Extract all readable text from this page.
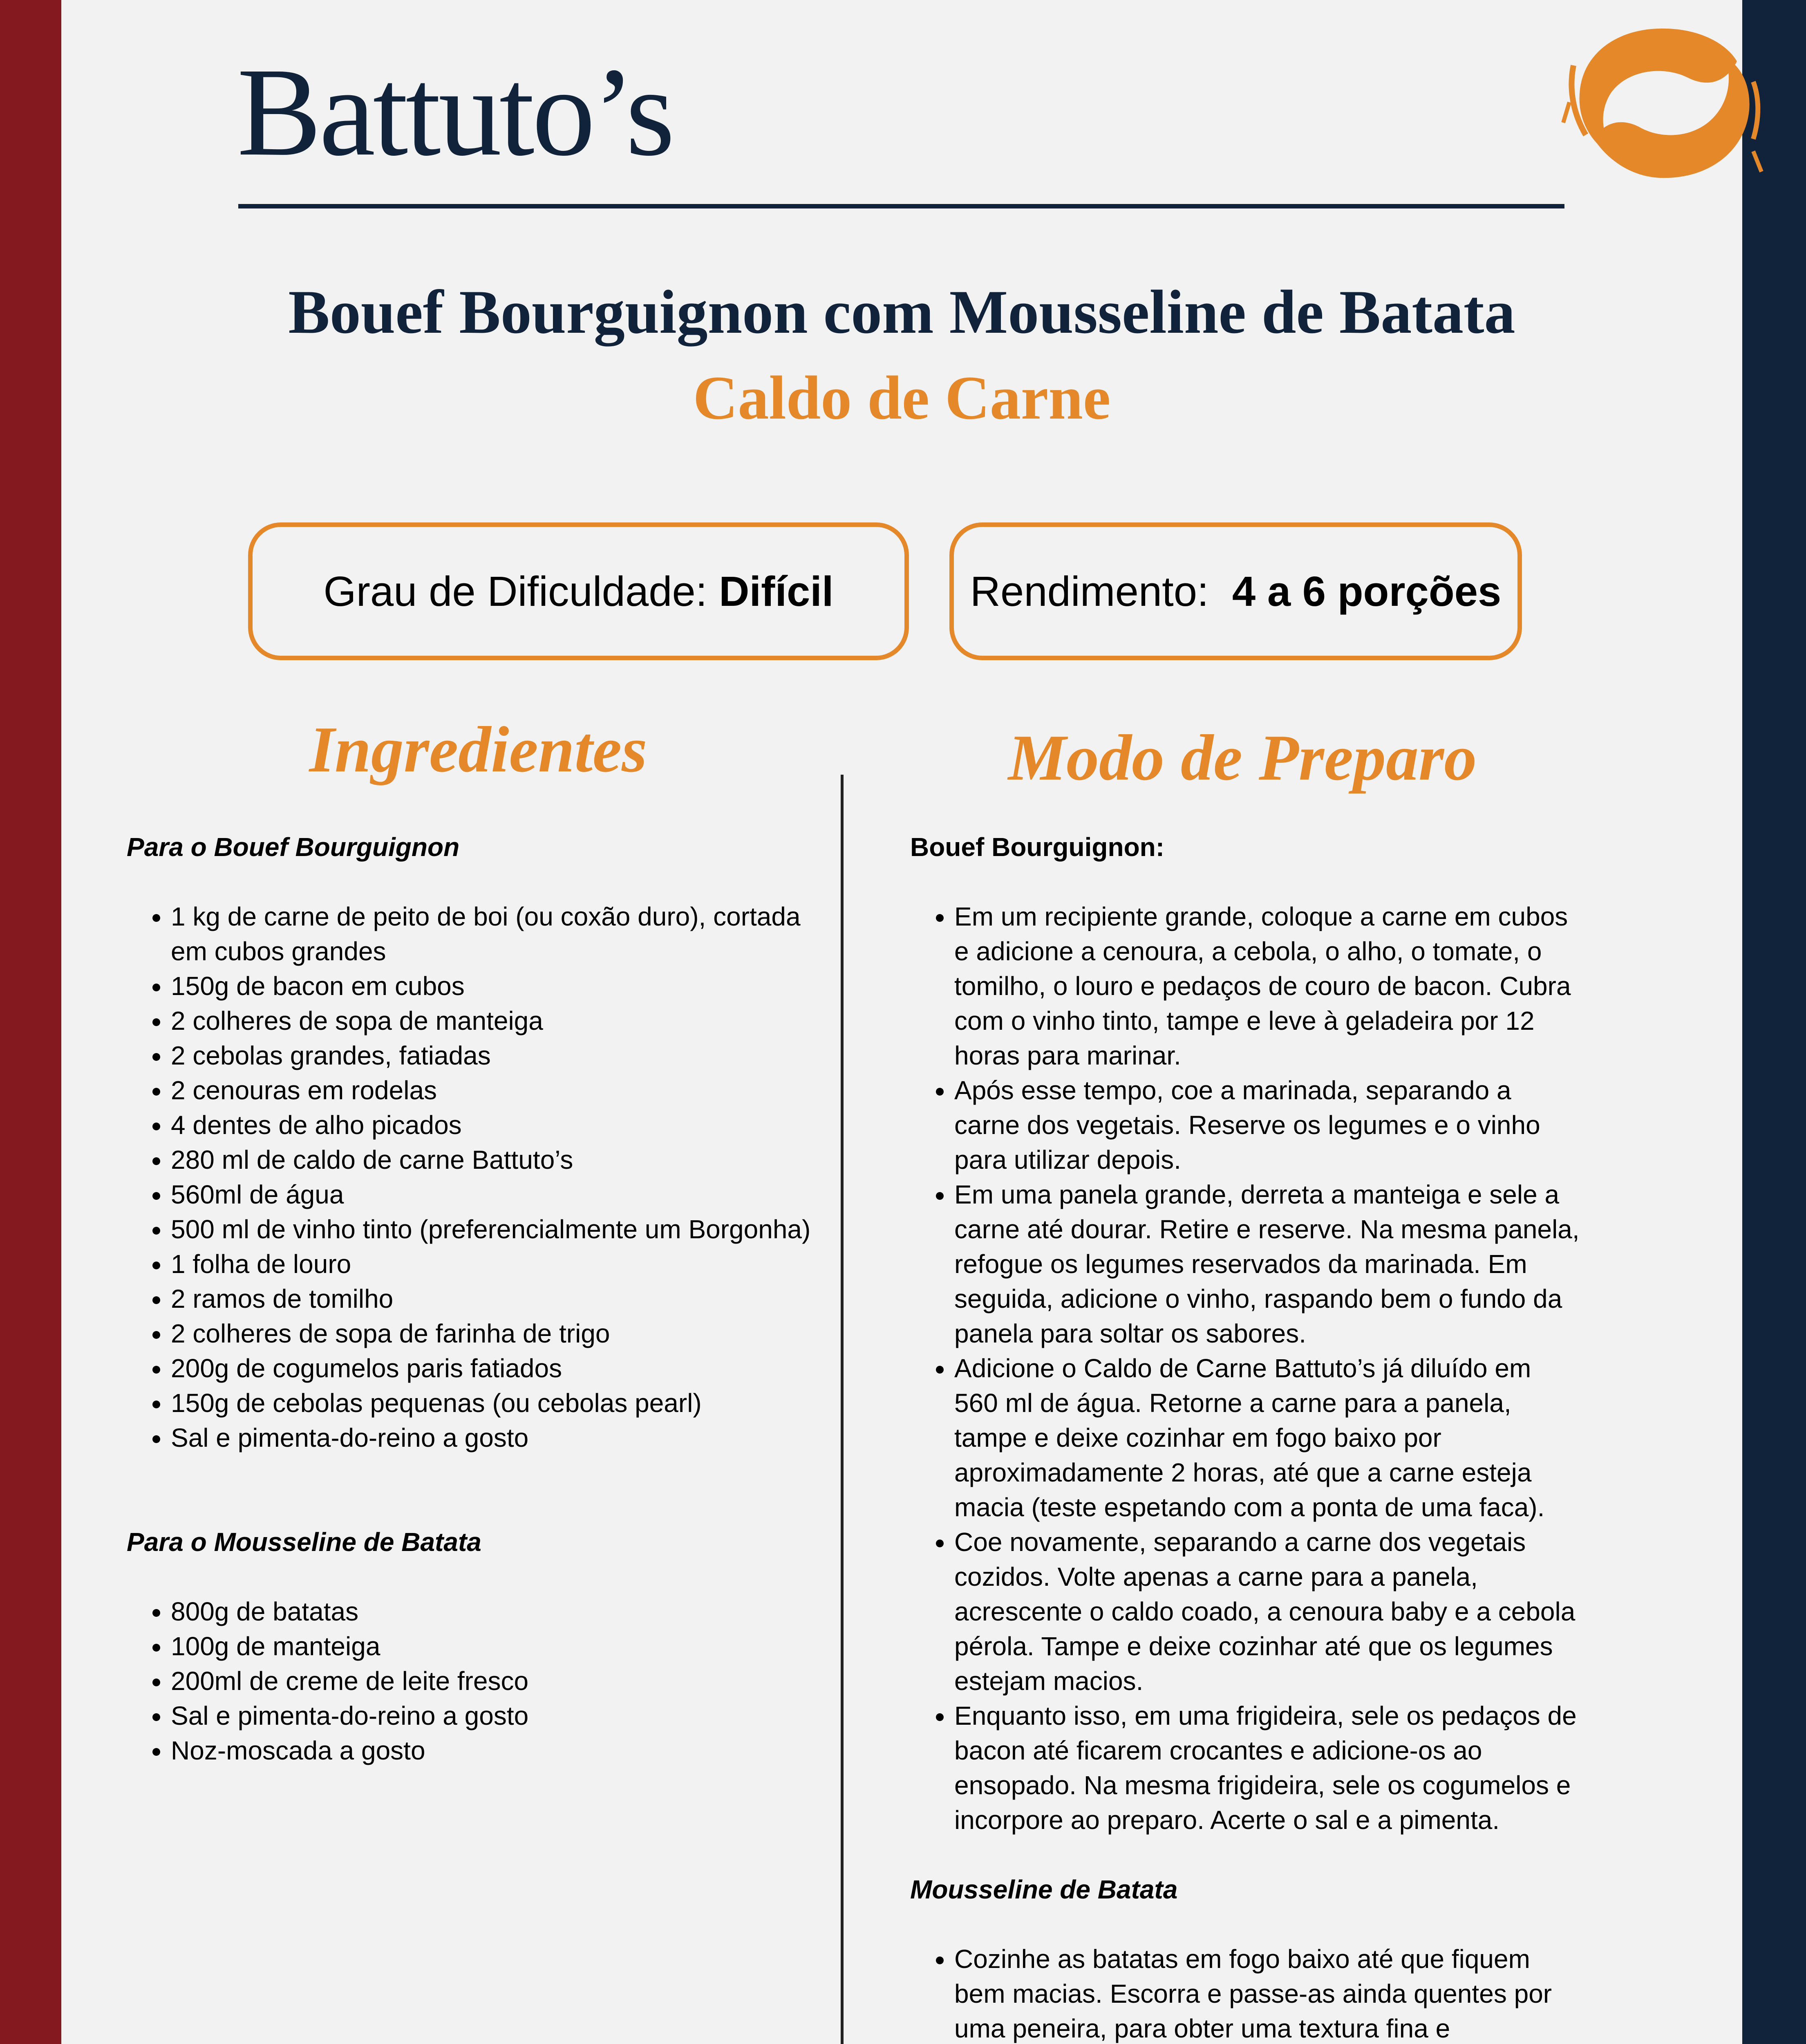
Battuto’s
Bouef Bourguignon com Mousseline de Batata
Caldo de Carne
Grau de Dificuldade:
Difícil	Rendimento:
4 a 6 porções
Ingredientes	Modo de Preparo
Para o Bouef Bourguignon
• 1 kg de carne de peito de boi (ou coxão duro), cortada em cubos grandes
• 150g de bacon em cubos
• 2 colheres de sopa de manteiga
• 2 cebolas grandes, fatiadas
• 2 cenouras em rodelas
• 4 dentes de alho picados
• 280 ml de caldo de carne Battuto’s
• 560ml de água
• 500 ml de vinho tinto (preferencialmente um Borgonha)
• 1 folha de louro
• 2 ramos de tomilho
• 2 colheres de sopa de farinha de trigo
• 200g de cogumelos paris fatiados
• 150g de cebolas pequenas (ou cebolas pearl)
• Sal e pimenta-do-reino a gosto
Para o Mousseline de Batata
• 800g de batatas
• 100g de manteiga
• 200ml de creme de leite fresco
• Sal e pimenta-do-reino a gosto
• Noz-moscada a gosto
Bouef Bourguignon:
• Em um recipiente grande, coloque a carne em cubos e adicione a cenoura, a cebola, o alho, o tomate, o tomilho, o louro e pedaços de couro de bacon. Cubra com o vinho tinto, tampe e leve à geladeira por 12 horas para marinar.
• Após esse tempo, coe a marinada, separando a carne dos vegetais. Reserve os legumes e o vinho para utilizar depois.
• Em uma panela grande, derreta a manteiga e sele a carne até dourar. Retire e reserve. Na mesma panela, refogue os legumes reservados da marinada. Em seguida, adicione o vinho, raspando bem o fundo da panela para soltar os sabores.
• Adicione o Caldo de Carne Battuto’s já diluído em 560 ml de água. Retorne a carne para a panela, tampe e deixe cozinhar em fogo baixo por aproximadamente 2 horas, até que a carne esteja macia (teste espetando com a ponta de uma faca).
• Coe novamente, separando a carne dos vegetais cozidos. Volte apenas a carne para a panela, acrescente o caldo coado, a cenoura baby e a cebola pérola. Tampe e deixe cozinhar até que os legumes estejam macios.
• Enquanto isso, em uma frigideira, sele os pedaços de bacon até ficarem crocantes e adicione-os ao ensopado. Na mesma frigideira, sele os cogumelos e incorpore ao preparo. Acerte o sal e a pimenta.
Mousseline de Batata
• Cozinhe as batatas em fogo baixo até que fiquem bem macias. Escorra e passe-as ainda quentes por uma peneira, para obter uma textura fina e
